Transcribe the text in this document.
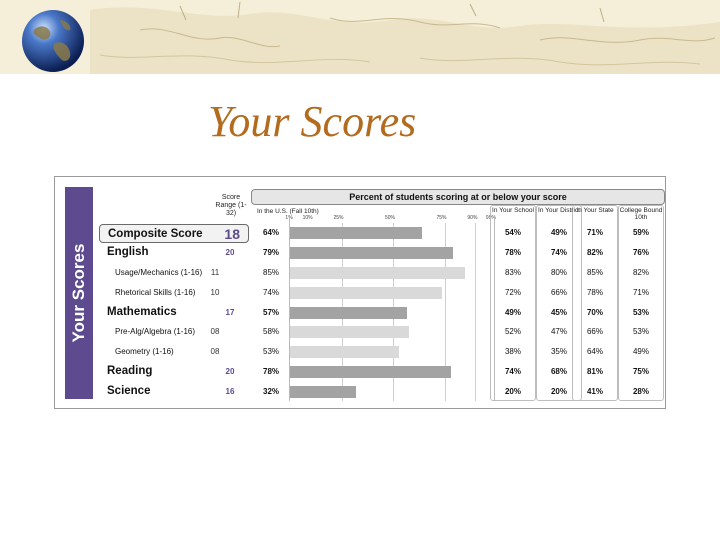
Your Scores
Your Scores
Score Range (1-32)
Percent of students scoring at or below your score
In the U.S. (Fall 10th)
1% 10%	25%	50%	75%	90% 99%
In Your School In Your District
In Your State College Bound 10th
Composite Score 18	64%	54%	49%	71%	59%
English	20	79%	78%	74%	82%	76%
Usage/Mechanics (1-16)	11	85%	83%	80%	85%	82%
Rhetorical Skills (1-16)	10	74%	72%	66%	78%	71%
Mathematics	17	57%	49%	45%	70%	53%
Pre-Alg/Algebra (1-16)	08	58%	52%	47%	66%	53%
Geometry (1-16)	08	53%	38%	35%	64%	49%
Reading	20	78%	74%	68%	81%	75%
Science	16	32%	20%	20%	41%	28%
